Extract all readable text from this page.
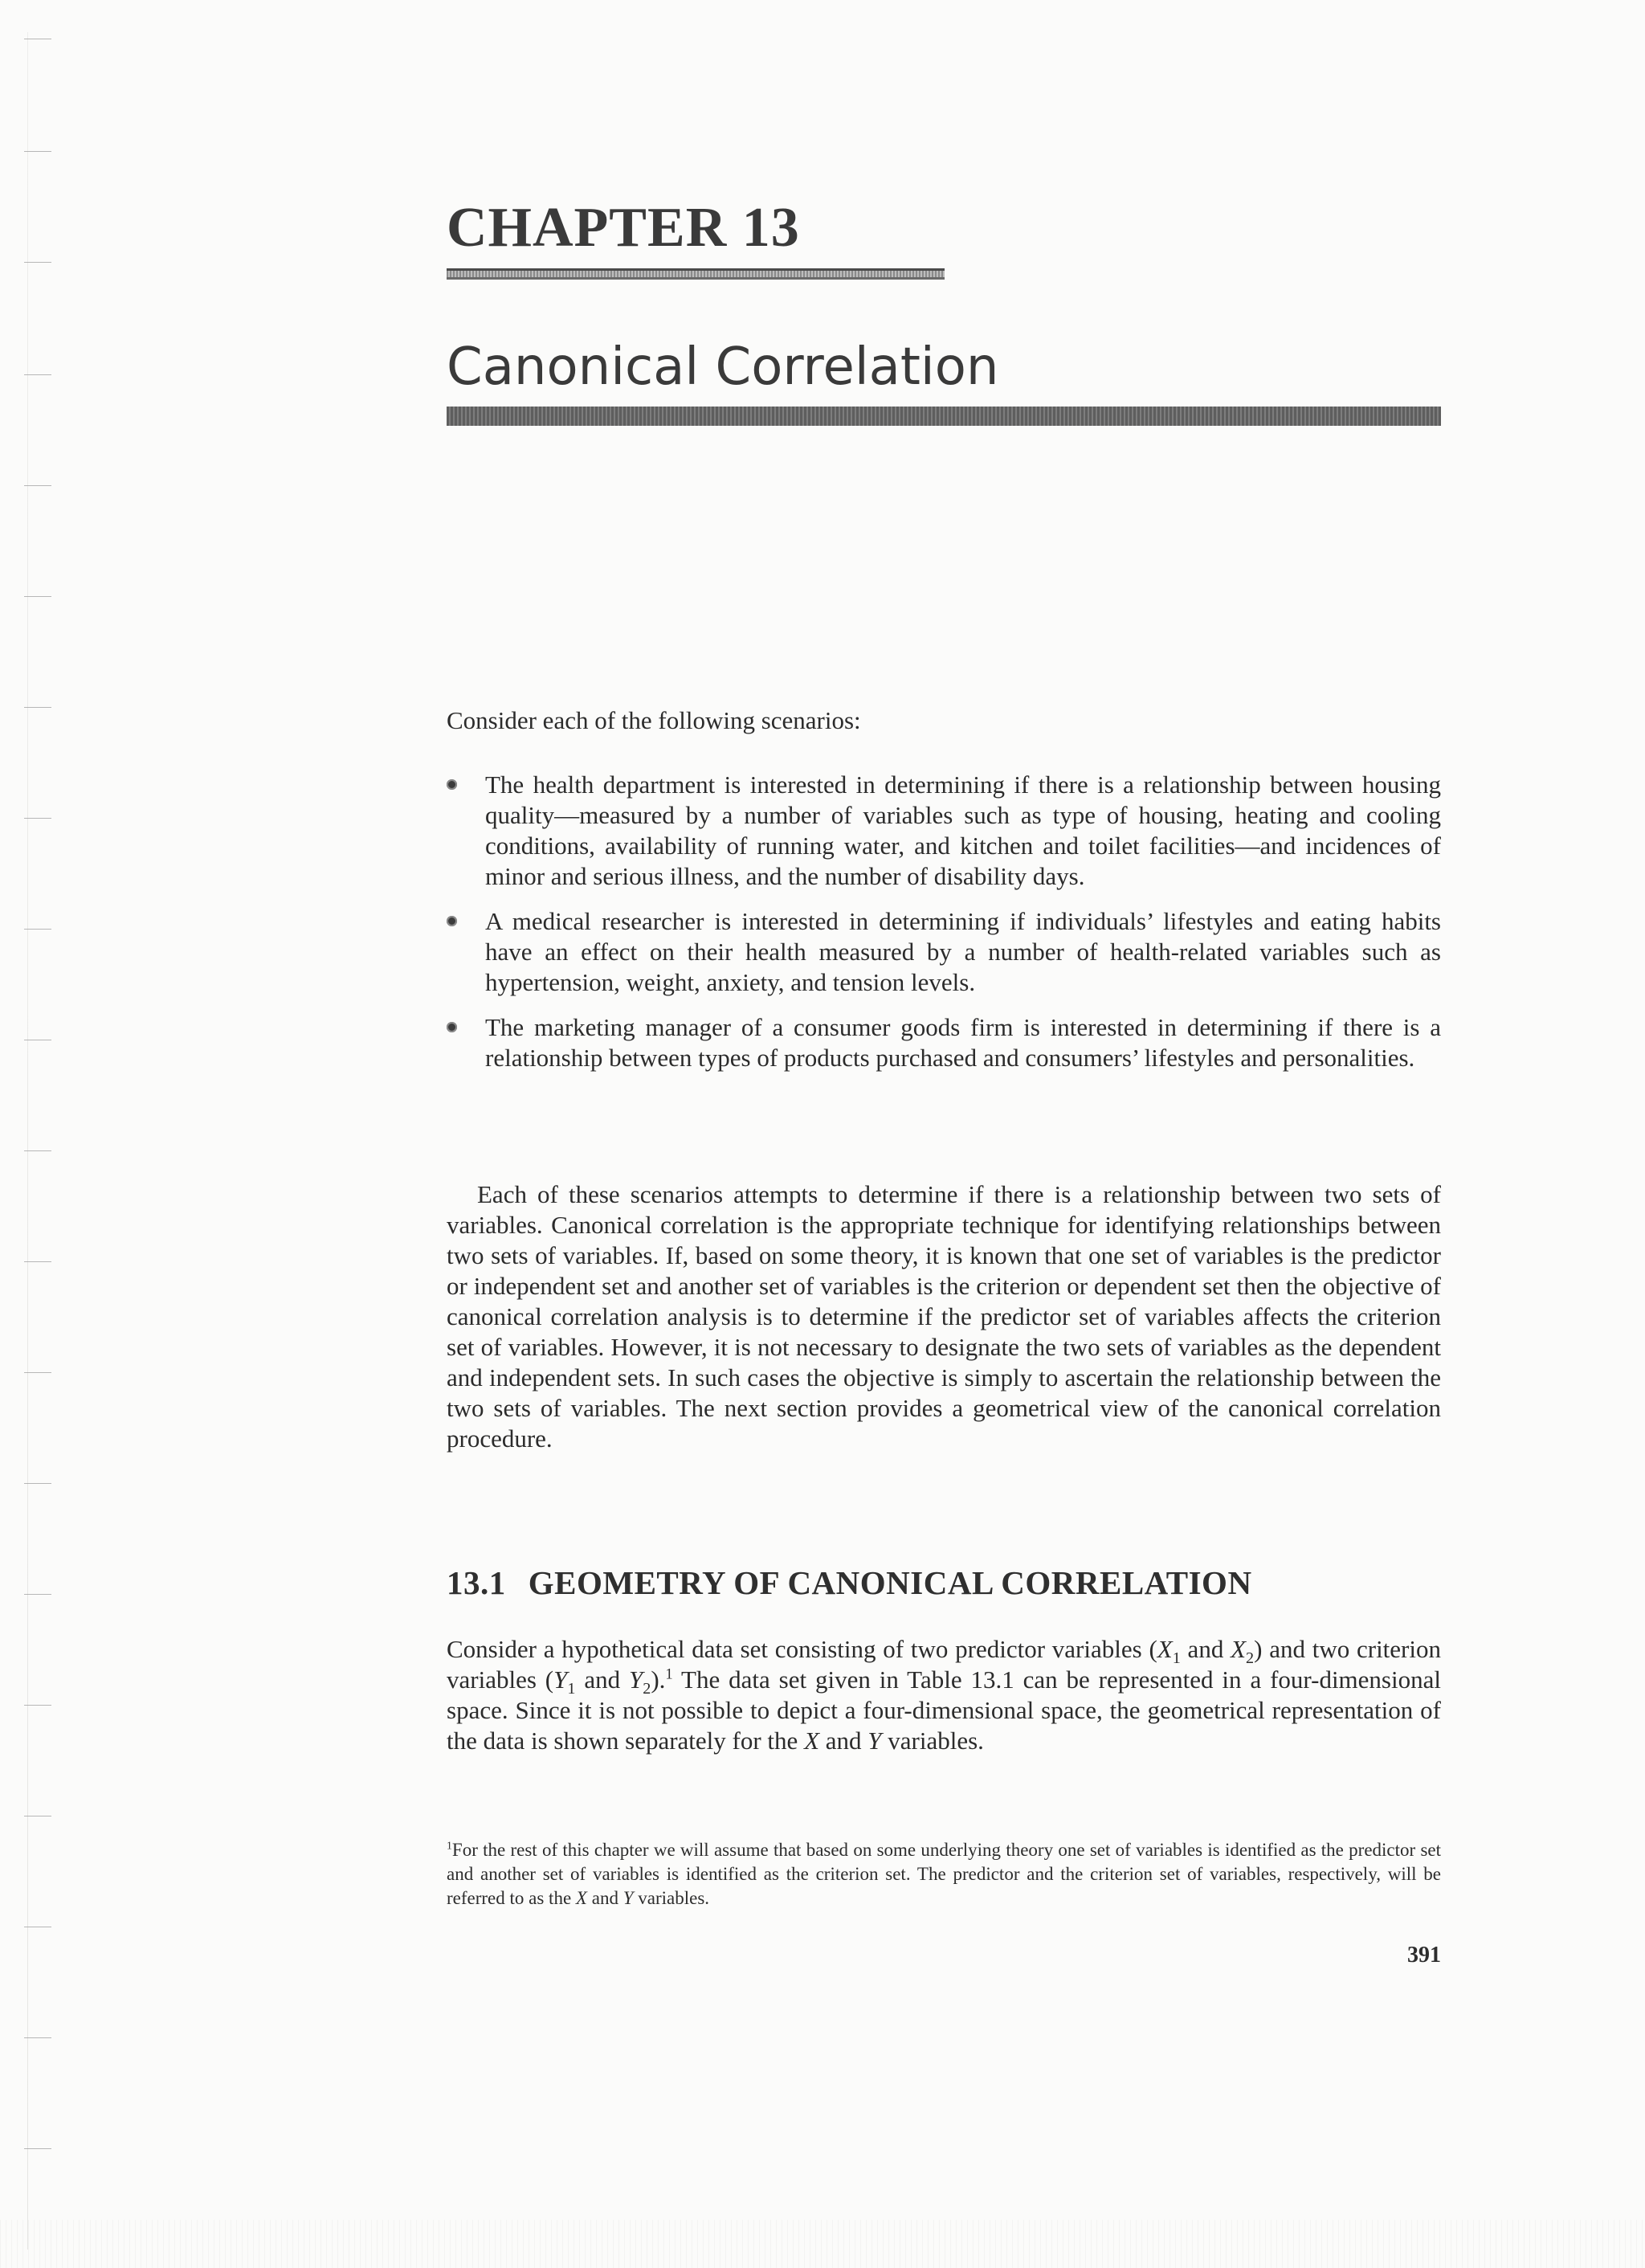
CHAPTER 13
Canonical Correlation

Consider each of the following scenarios:

The health department is interested in determining if there is a relationship between housing quality—measured by a number of variables such as type of housing, heating and cooling conditions, availability of running water, and kitchen and toilet facilities—and incidences of minor and serious illness, and the number of disability days.
A medical researcher is interested in determining if individuals’ lifestyles and eating habits have an effect on their health measured by a number of health-related variables such as hypertension, weight, anxiety, and tension levels.
The marketing manager of a consumer goods firm is interested in determining if there is a relationship between types of products purchased and consumers’ lifestyles and personalities.

Each of these scenarios attempts to determine if there is a relationship between two sets of variables. Canonical correlation is the appropriate technique for identifying relationships between two sets of variables. If, based on some theory, it is known that one set of variables is the predictor or independent set and another set of variables is the criterion or dependent set then the objective of canonical correlation analysis is to determine if the predictor set of variables affects the criterion set of variables. However, it is not necessary to designate the two sets of variables as the dependent and independent sets. In such cases the objective is simply to ascertain the relationship between the two sets of variables. The next section provides a geometrical view of the canonical correlation procedure.

13.1 GEOMETRY OF CANONICAL CORRELATION

Consider a hypothetical data set consisting of two predictor variables ($X_1$ and $X_2$) and two criterion variables ($Y_1$ and $Y_2).^1$ The data set given in Table 13.1 can be represented in a four-dimensional space. Since it is not possible to depict a four-dimensional space, the geometrical representation of the data is shown separately for the X and Y variables.

$^1$For the rest of this chapter we will assume that based on some underlying theory one set of variables is identified as the predictor set and another set of variables is identified as the criterion set. The predictor and the criterion set of variables, respectively, will be referred to as the X and Y variables.

391
